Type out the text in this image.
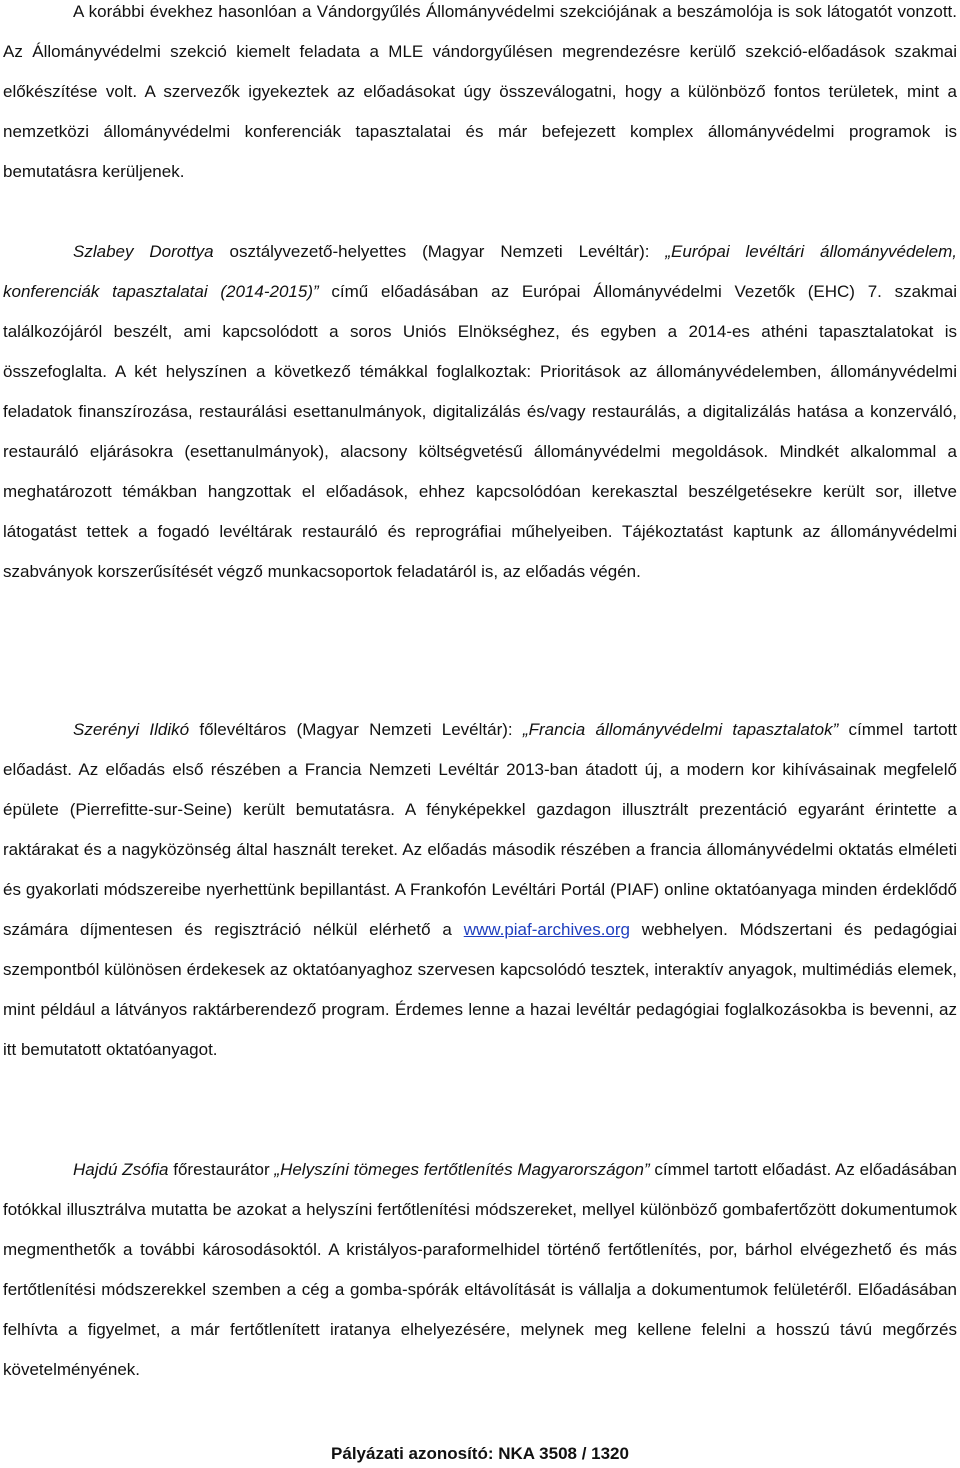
A korábbi évekhez hasonlóan a Vándorgyűlés Állományvédelmi szekciójának a beszámolója is sok látogatót vonzott. Az Állományvédelmi szekció kiemelt feladata a MLE vándorgyűlésen megrendezésre kerülő szekció-előadások szakmai előkészítése volt. A szervezők igyekeztek az előadásokat úgy összeválogatni, hogy a különböző fontos területek, mint a nemzetközi állományvédelmi konferenciák tapasztalatai és már befejezett komplex állományvédelmi programok is bemutatásra kerüljenek.

Szlabey Dorottya osztályvezető-helyettes (Magyar Nemzeti Levéltár): „Európai levéltári állományvédelem, konferenciák tapasztalatai (2014-2015)” című előadásában az Európai Állományvédelmi Vezetők (EHC) 7. szakmai találkozójáról beszélt, ami kapcsolódott a soros Uniós Elnökséghez, és egyben a 2014-es athéni tapasztalatokat is összefoglalta. A két helyszínen a következő témákkal foglalkoztak: Prioritások az állományvédelemben, állományvédelmi feladatok finanszírozása, restaurálási esettanulmányok, digitalizálás és/vagy restaurálás, a digitalizálás hatása a konzerváló, restauráló eljárásokra (esettanulmányok), alacsony költségvetésű állományvédelmi megoldások. Mindkét alkalommal a meghatározott témákban hangzottak el előadások, ehhez kapcsolódóan kerekasztal beszélgetésekre került sor, illetve látogatást tettek a fogadó levéltárak restauráló és reprográfiai műhelyeiben. Tájékoztatást kaptunk az állományvédelmi szabványok korszerűsítését végző munkacsoportok feladatáról is, az előadás végén.

Szerényi Ildikó főlevéltáros (Magyar Nemzeti Levéltár): „Francia állományvédelmi tapasztalatok” címmel tartott előadást. Az előadás első részében a Francia Nemzeti Levéltár 2013-ban átadott új, a modern kor kihívásainak megfelelő épülete (Pierrefitte-sur-Seine) került bemutatásra. A fényképekkel gazdagon illusztrált prezentáció egyaránt érintette a raktárakat és a nagyközönség által használt tereket. Az előadás második részében a francia állományvédelmi oktatás elméleti és gyakorlati módszereibe nyerhettünk bepillantást. A Frankofón Levéltári Portál (PIAF) online oktatóanyaga minden érdeklődő számára díjmentesen és regisztráció nélkül elérhető a www.piaf-archives.org webhelyen. Módszertani és pedagógiai szempontból különösen érdekesek az oktatóanyaghoz szervesen kapcsolódó tesztek, interaktív anyagok, multimédiás elemek, mint például a látványos raktárberendező program. Érdemes lenne a hazai levéltár pedagógiai foglalkozásokba is bevenni, az itt bemutatott oktatóanyagot.

Hajdú Zsófia főrestaurátor „Helyszíni tömeges fertőtlenítés Magyarországon” címmel tartott előadást. Az előadásában fotókkal illusztrálva mutatta be azokat a helyszíni fertőtlenítési módszereket, mellyel különböző gombafertőzött dokumentumok megmenthetők a további károsodásoktól. A kristályos-paraformelhidel történő fertőtlenítés, por, bárhol elvégezhető és más fertőtlenítési módszerekkel szemben a cég a gomba-spórák eltávolítását is vállalja a dokumentumok felületéről. Előadásában felhívta a figyelmet, a már fertőtlenített iratanya elhelyezésére, melynek meg kellene felelni a hosszú távú megőrzés követelményének.

Pályázati azonosító: NKA 3508 / 1320
